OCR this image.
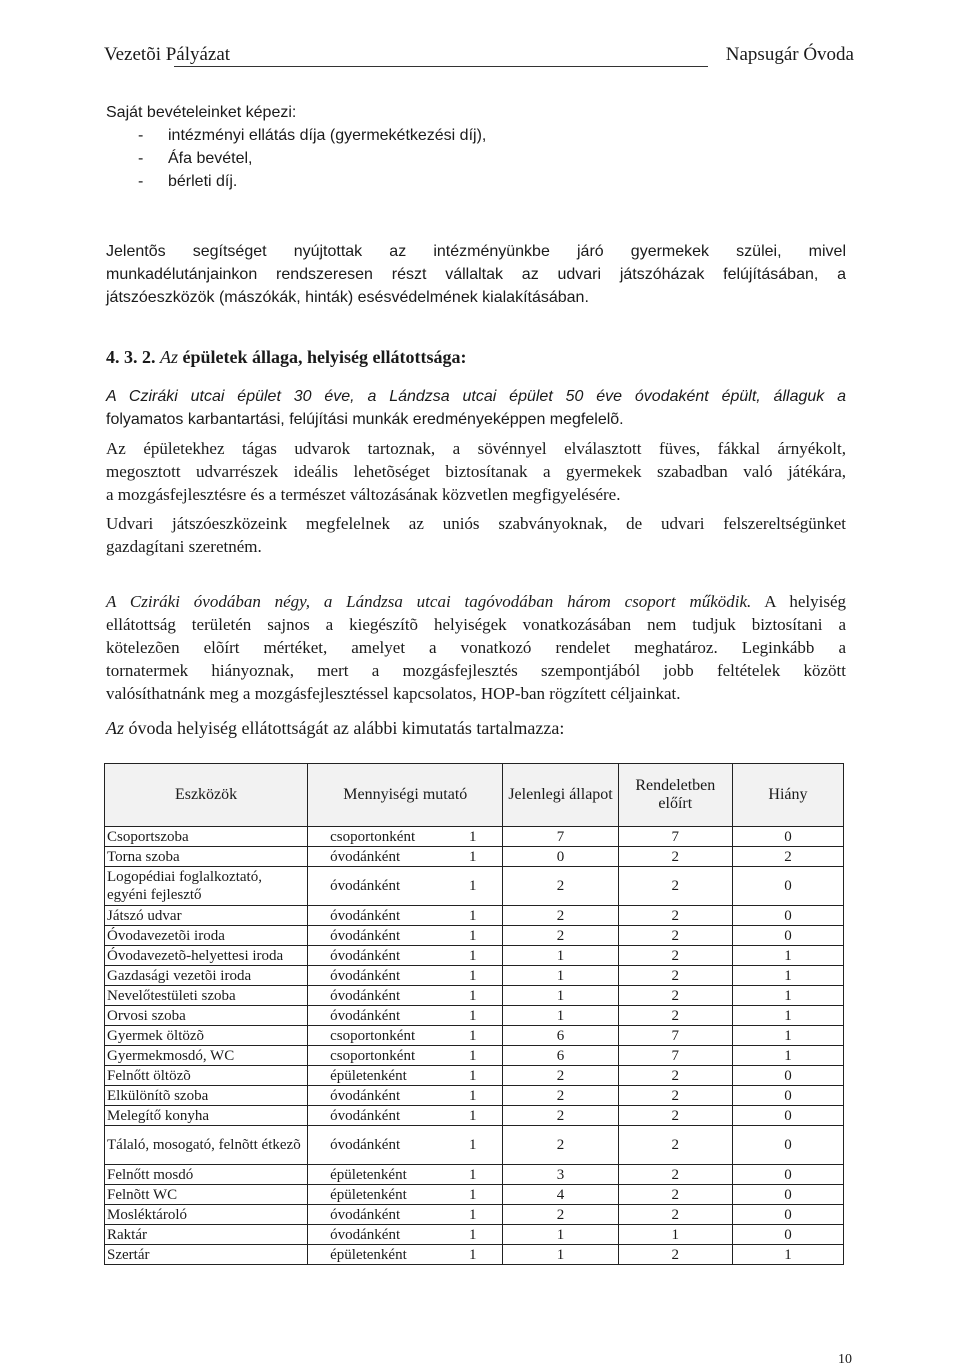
Vezetõi Pályázat	Napsugár Óvoda

Saját bevételeinket képezi:

- intézményi ellátás díja (gyermekétkezési díj),
- Áfa bevétel,
- bérleti díj.
Jelentõs segítséget nyújtottak az intézményünkbe járó gyermekek szülei, mivel
munkadélutánjainkon rendszeresen részt vállaltak az udvari játszóházak felújításában, a
játszóeszközök (mászókák, hinták) esésvédelmének kialakításában.
4. 3. 2. Az épületek állaga, helyiség ellátottsága:
A Cziráki utcai épület 30 éve, a Lándzsa utcai épület 50 éve óvodaként épült, állaguk a
folyamatos karbantartási, felújítási munkák eredményeképpen megfelelõ.
Az épületekhez tágas udvarok tartoznak, a sövénnyel elválasztott füves, fákkal árnyékolt,
megosztott udvarrészek ideális lehetõséget biztosítanak a gyermekek szabadban való játékára,
a mozgásfejlesztésre és a természet változásának közvetlen megfigyelésére.
Udvari játszóeszközeink megfelelnek az uniós szabványoknak, de udvari felszereltségünket
gazdagítani szeretném.
A Cziráki óvodában négy, a Lándzsa utcai tagóvodában három csoport működik. A helyiség
ellátottság területén sajnos a kiegészítõ helyiségek vonatkozásában nem tudjuk biztosítani a
kötelezõen elõírt mértéket, amelyet a vonatkozó rendelet meghatároz. Leginkább a
tornatermek hiányoznak, mert a mozgásfejlesztés szempontjából jobb feltételek között
valósíthatnánk meg a mozgásfejlesztéssel kapcsolatos, HOP-ban rögzített céljainkat.
Az óvoda helyiség ellátottságát az alábbi kimutatás tartalmazza:
Eszközök	Mennyiségi mutató	Jelenlegi állapot	Rendeletben előírt	Hiány
Csoportszoba	csoportonként 1	7	7	0
Torna szoba	óvodánként 1	0	2	2
Logopédiai foglalkoztató, egyéni fejlesztő	óvodánként 1	2	2	0
Játszó udvar	óvodánként 1	2	2	0
Óvodavezetõi iroda	óvodánként 1	2	2	0
Óvodavezetõ-helyettesi iroda	óvodánként 1	1	2	1
Gazdasági vezetõi iroda	óvodánként 1	1	2	1
Nevelőtestületi szoba	óvodánként 1	1	2	1
Orvosi szoba	óvodánként 1	1	2	1
Gyermek öltözõ	csoportonként 1	6	7	1
Gyermekmosdó, WC	csoportonként 1	6	7	1
Felnőtt öltözõ	épületenként 1	2	2	0
Elkülönítõ szoba	óvodánként 1	2	2	0
Melegítő konyha	óvodánként 1	2	2	0
Tálaló, mosogató, felnõtt étkezõ	óvodánként 1	2	2	0
Felnőtt mosdó	épületenként 1	3	2	0
Felnõtt WC	épületenként 1	4	2	0
Mosléktároló	óvodánként 1	2	2	0
Raktár	óvodánként 1	1	1	0
Szertár	épületenként 1	1	2	1
10
